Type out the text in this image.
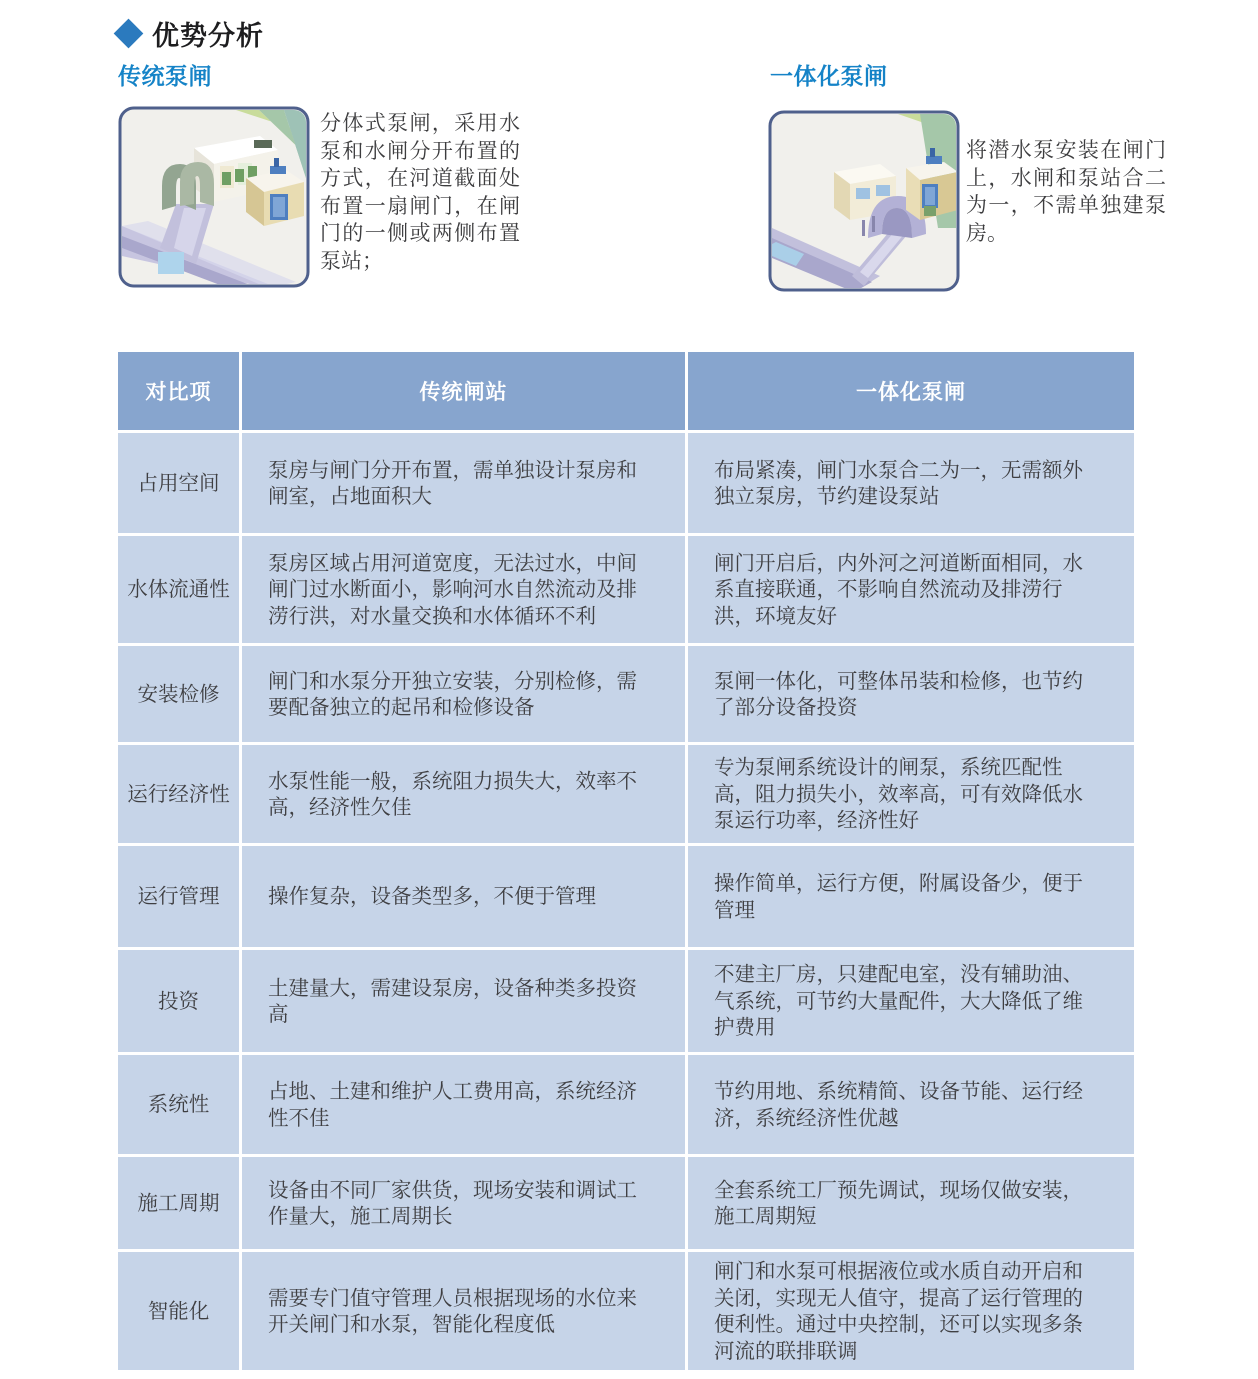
优势分析
传统泵闸	一体化泵闸
分体式泵闸，采用水泵和水闸分开布置的方式，在河道截面处布置一扇闸门，在闸门的一侧或两侧布置泵站；
将潜水泵安装在闸门上，水闸和泵站合二为一，不需单独建泵房。
对比项	传统闸站	一体化泵闸
占用空间	泵房与闸门分开布置，需单独设计泵房和闸室，占地面积大	布局紧凑，闸门水泵合二为一，无需额外独立泵房，节约建设泵站
水体流通性	泵房区域占用河道宽度，无法过水，中间闸门过水断面小，影响河水自然流动及排涝行洪，对水量交换和水体循环不利	闸门开启后，内外河之河道断面相同，水系直接联通，不影响自然流动及排涝行洪，环境友好
安装检修	闸门和水泵分开独立安装，分别检修，需要配备独立的起吊和检修设备	泵闸一体化，可整体吊装和检修，也节约了部分设备投资
运行经济性	水泵性能一般，系统阻力损失大，效率不高，经济性欠佳	专为泵闸系统设计的闸泵，系统匹配性高，阻力损失小，效率高，可有效降低水泵运行功率，经济性好
运行管理	操作复杂，设备类型多，不便于管理	操作简单，运行方便，附属设备少，便于管理
投资	土建量大，需建设泵房，设备种类多投资高	不建主厂房，只建配电室，没有辅助油、气系统，可节约大量配件，大大降低了维护费用
系统性	占地、土建和维护人工费用高，系统经济性不佳	节约用地、系统精简、设备节能、运行经济，系统经济性优越
施工周期	设备由不同厂家供货，现场安装和调试工作量大，施工周期长	全套系统工厂预先调试，现场仅做安装，施工周期短
智能化	需要专门值守管理人员根据现场的水位来开关闸门和水泵，智能化程度低	闸门和水泵可根据液位或水质自动开启和关闭，实现无人值守，提高了运行管理的便利性。通过中央控制，还可以实现多条河流的联排联调
